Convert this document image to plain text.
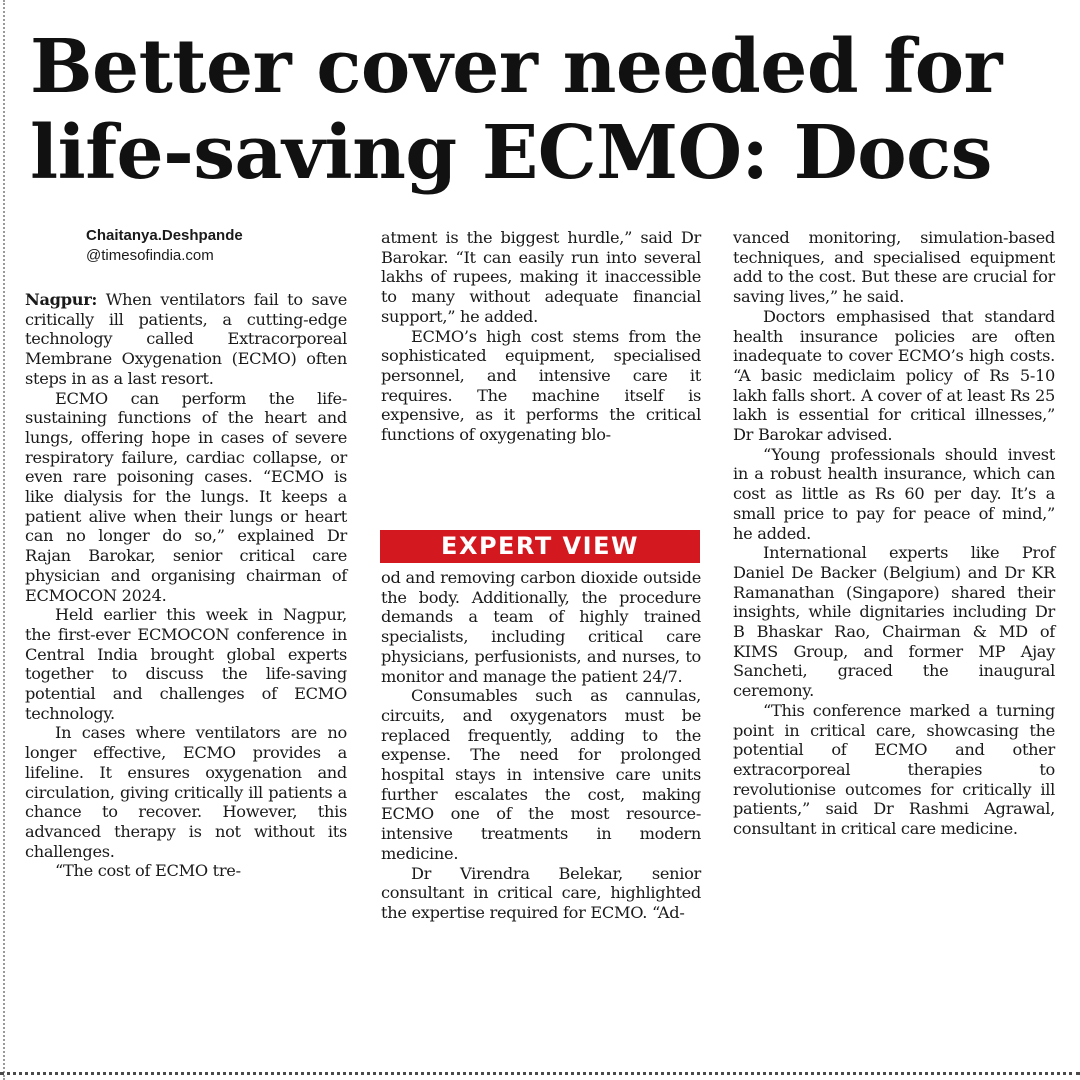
Better cover needed for
life-saving ECMO: Docs
Chaitanya.Deshpande
@timesofindia.com

Nagpur: When ventilators fail to save critically ill patients, a cutting-edge technology called Extracorporeal Membrane Oxygenation (ECMO) often steps in as a last resort.

ECMO can perform the life-sustaining functions of the heart and lungs, offering hope in cases of severe respiratory failure, cardiac collapse, or even rare poisoning cases. “ECMO is like dialysis for the lungs. It keeps a patient alive when their lungs or heart can no longer do so,” explained Dr Rajan Barokar, senior critical care physician and organising chairman of ECMOCON 2024.

Held earlier this week in Nagpur, the first-ever ECMOCON conference in Central India brought global experts together to discuss the life-saving potential and challenges of ECMO technology.

In cases where ventilators are no longer effective, ECMO provides a lifeline. It ensures oxygenation and circulation, giving critically ill patients a chance to recover. However, this advanced therapy is not without its challenges.

“The cost of ECMO tre-

atment is the biggest hurdle,” said Dr Barokar. “It can easily run into several lakhs of rupees, making it inaccessible to many without adequate financial support,” he added.

ECMO’s high cost stems from the sophisticated equipment, specialised personnel, and intensive care it requires. The machine itself is expensive, as it performs the critical functions of oxygenating blo-

EXPERT VIEW

od and removing carbon dioxide outside the body. Additionally, the procedure demands a team of highly trained specialists, including critical care physicians, perfusionists, and nurses, to monitor and manage the patient 24/7.

Consumables such as cannulas, circuits, and oxygenators must be replaced frequently, adding to the expense. The need for prolonged hospital stays in intensive care units further escalates the cost, making ECMO one of the most resource-intensive treatments in modern medicine.

Dr Virendra Belekar, senior consultant in critical care, highlighted the expertise required for ECMO. “Ad-

vanced monitoring, simulation-based techniques, and specialised equipment add to the cost. But these are crucial for saving lives,” he said.

Doctors emphasised that standard health insurance policies are often inadequate to cover ECMO’s high costs. “A basic mediclaim policy of Rs 5-10 lakh falls short. A cover of at least Rs 25 lakh is essential for critical illnesses,” Dr Barokar advised.

“Young professionals should invest in a robust health insurance, which can cost as little as Rs 60 per day. It’s a small price to pay for peace of mind,” he added.

International experts like Prof Daniel De Backer (Belgium) and Dr KR Ramanathan (Singapore) shared their insights, while dignitaries including Dr B Bhaskar Rao, Chairman & MD of KIMS Group, and former MP Ajay Sancheti, graced the inaugural ceremony.

“This conference marked a turning point in critical care, showcasing the potential of ECMO and other extracorporeal therapies to revolutionise outcomes for critically ill patients,” said Dr Rashmi Agrawal, consultant in critical care medicine.
